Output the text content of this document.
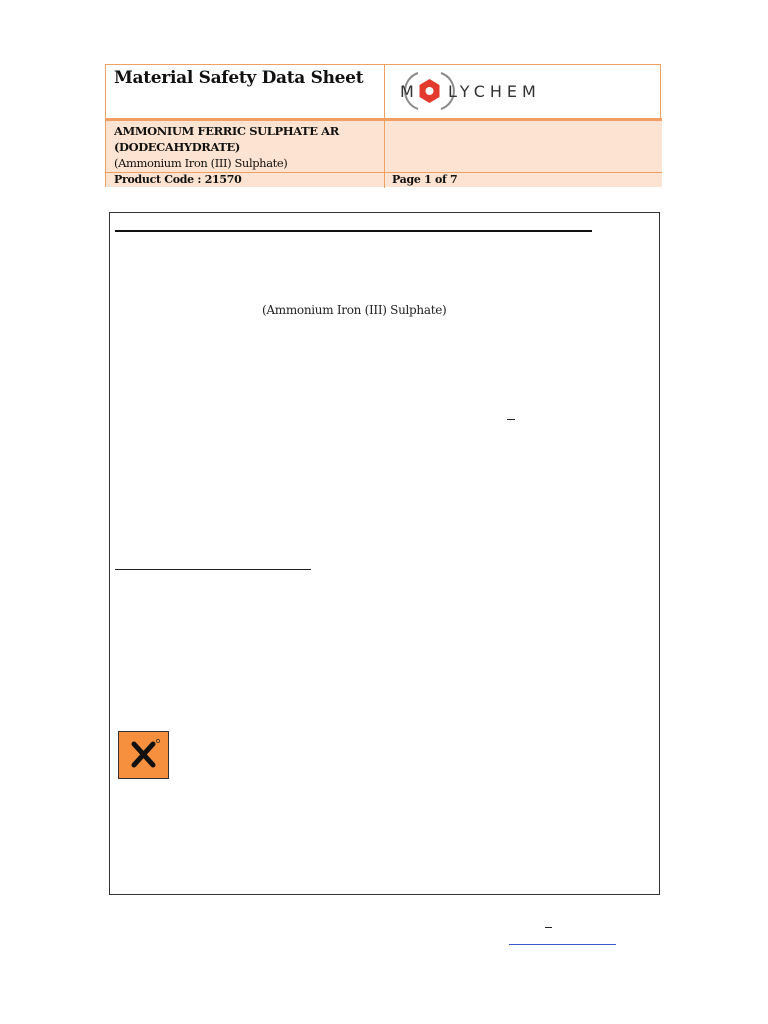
Material Safety Data Sheet
M LYCHEM
AMMONIUM FERRIC SULPHATE AR
(DODECAHYDRATE)
(Ammonium Iron (III) Sulphate)
Product Code : 21570	Page 1 of 7
(Ammonium Iron (III) Sulphate)
